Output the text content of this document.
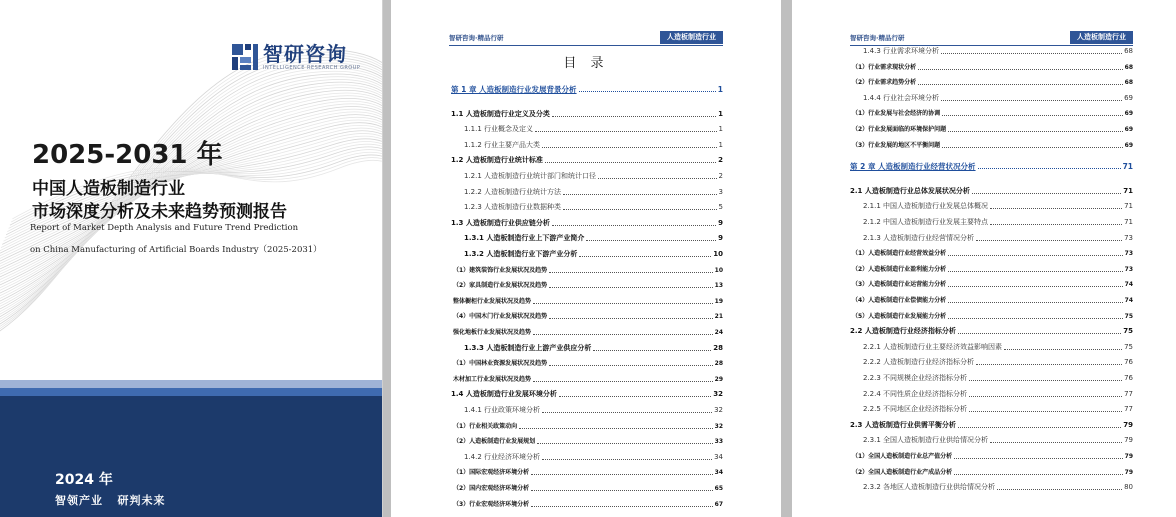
智研咨询
INTELLIGENCE RESEARCH GROUP
2025-2031 年
中国人造板制造行业
市场深度分析及未来趋势预测报告
Report of Market Depth Analysis and Future Trend Prediction
on China Manufacturing of Artificial Boards Industry（2025-2031）
2024 年
智领产业   研判未来
智研咨询·精品行研	人造板制造行业
目 录
第 1 章 人造板制造行业发展背景分析	1
1.1 人造板制造行业定义及分类	1
1.1.1 行业概念及定义	1
1.1.2 行业主要产品大类	1
1.2 人造板制造行业统计标准	2
1.2.1 人造板制造行业统计部门和统计口径	2
1.2.2 人造板制造行业统计方法	3
1.2.3 人造板制造行业数据种类	5
1.3 人造板制造行业供应链分析	9
1.3.1 人造板制造行业上下游产业简介	9
1.3.2 人造板制造行业下游产业分析	10
（1）建筑装饰行业发展状况及趋势	10
（2）家具制造行业发展状况及趋势	13
整体橱柜行业发展状况及趋势	19
（4）中国木门行业发展状况及趋势	21
强化地板行业发展状况及趋势	24
1.3.3 人造板制造行业上游产业供应分析	28
（1）中国林业资源发展状况及趋势	28
木材加工行业发展状况及趋势	29
1.4 人造板制造行业发展环境分析	32
1.4.1 行业政策环境分析	32
（1）行业相关政策动向	32
（2）人造板制造行业发展规划	33
1.4.2 行业经济环境分析	34
（1）国际宏观经济环境分析	34
（2）国内宏观经济环境分析	65
（3）行业宏观经济环境分析	67
智研咨询·精品行研	人造板制造行业
1.4.3 行业需求环境分析	68
（1）行业需求现状分析	68
（2）行业需求趋势分析	68
1.4.4 行业社会环境分析	69
（1）行业发展与社会经济的协调	69
（2）行业发展面临的环境保护问题	69
（3）行业发展的地区不平衡问题	69
第 2 章 人造板制造行业经营状况分析	71
2.1 人造板制造行业总体发展状况分析	71
2.1.1 中国人造板制造行业发展总体概况	71
2.1.2 中国人造板制造行业发展主要特点	71
2.1.3 人造板制造行业经营情况分析	73
（1）人造板制造行业经营效益分析	73
（2）人造板制造行业盈利能力分析	73
（3）人造板制造行业运营能力分析	74
（4）人造板制造行业偿债能力分析	74
（5）人造板制造行业发展能力分析	75
2.2 人造板制造行业经济指标分析	75
2.2.1 人造板制造行业主要经济效益影响因素	75
2.2.2 人造板制造行业经济指标分析	76
2.2.3 不同规模企业经济指标分析	76
2.2.4 不同性质企业经济指标分析	77
2.2.5 不同地区企业经济指标分析	77
2.3 人造板制造行业供需平衡分析	79
2.3.1 全国人造板制造行业供给情况分析	79
（1）全国人造板制造行业总产值分析	79
（2）全国人造板制造行业产成品分析	79
2.3.2 各地区人造板制造行业供给情况分析	80
